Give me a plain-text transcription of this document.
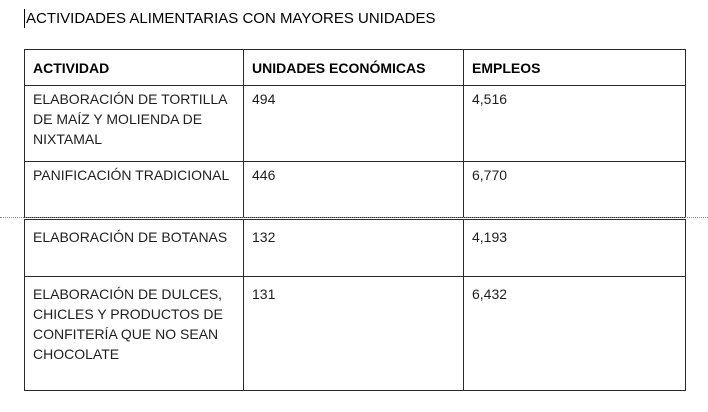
ACTIVIDADES ALIMENTARIAS CON MAYORES UNIDADES
ACTIVIDAD	UNIDADES ECONÓMICAS	EMPLEOS
ELABORACIÓN DE TORTILLA DE MAÍZ Y MOLIENDA DE NIXTAMAL	494	4,516
PANIFICACIÓN TRADICIONAL	446	6,770
ELABORACIÓN DE BOTANAS	132	4,193
ELABORACIÓN DE DULCES, CHICLES Y PRODUCTOS DE CONFITERÍA QUE NO SEAN CHOCOLATE	131	6,432
